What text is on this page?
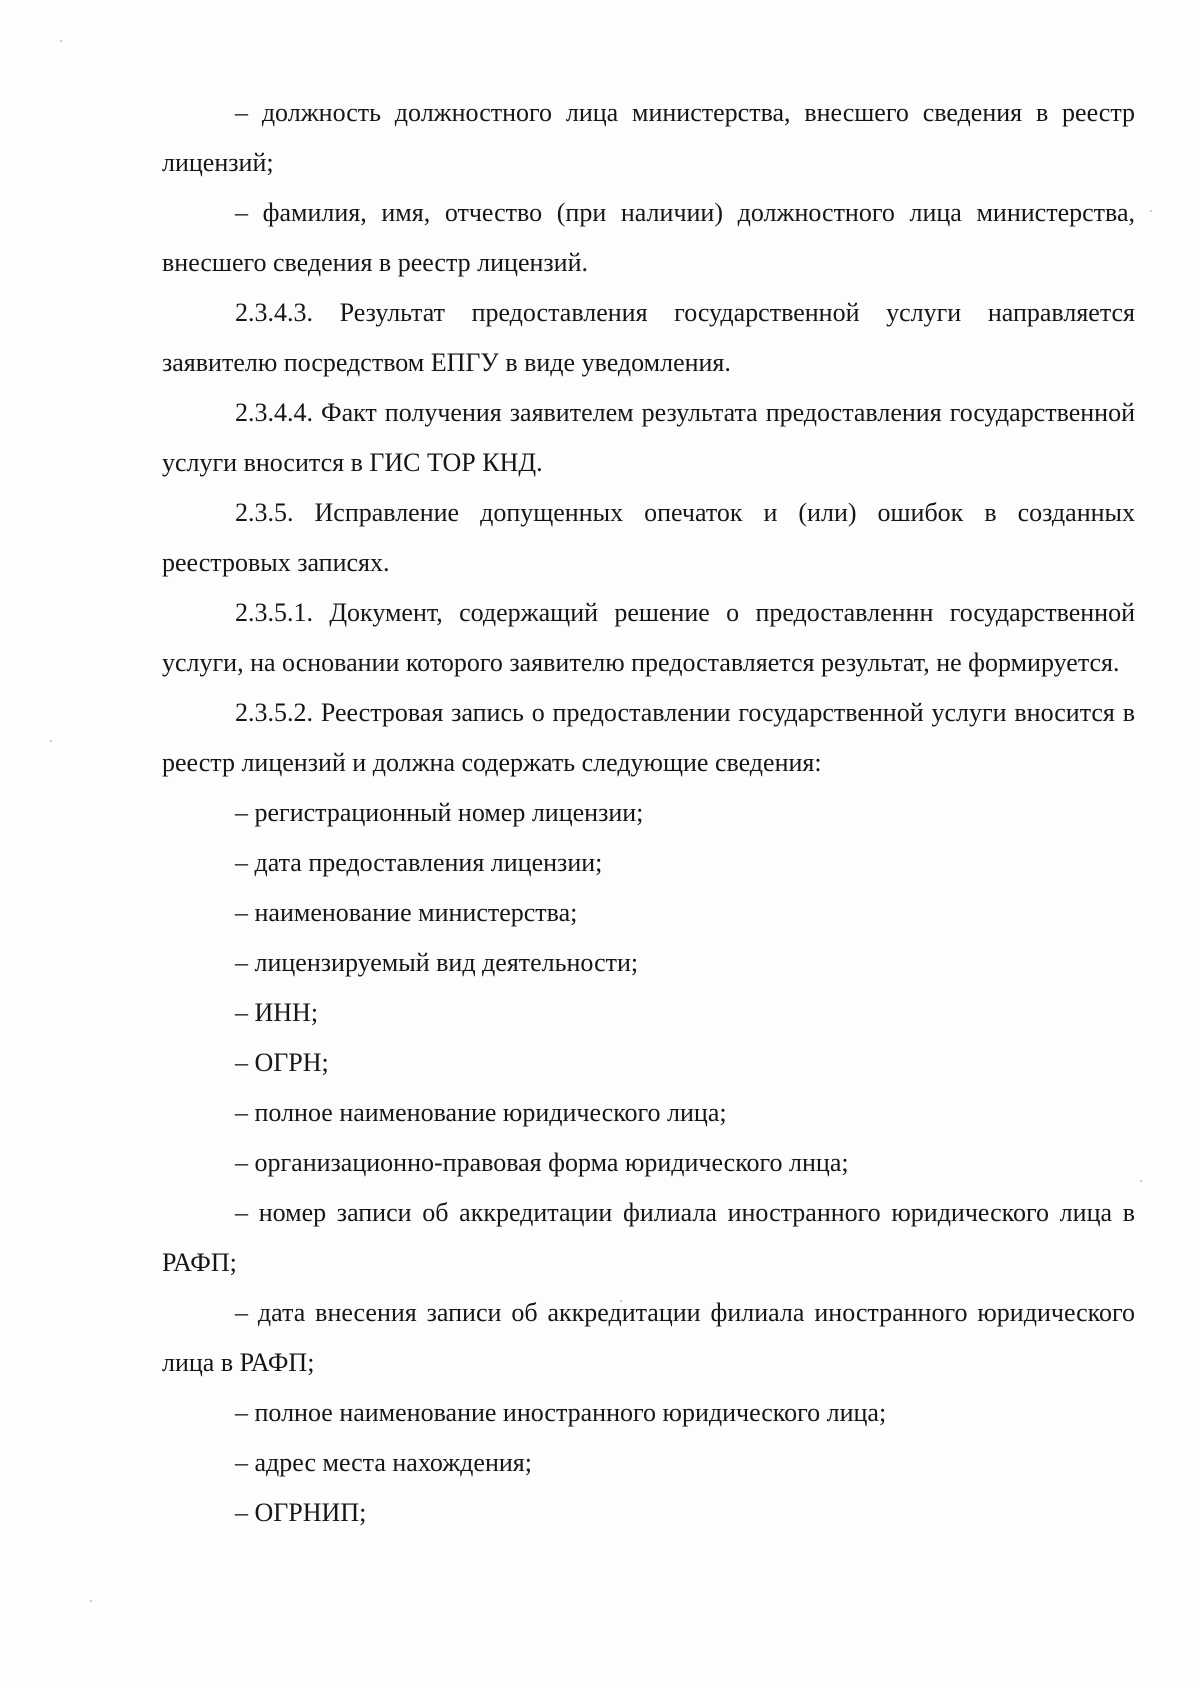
– должность должностного лица министерства, внесшего сведения в реестр лицензий;

– фамилия, имя, отчество (при наличии) должностного лица министерства, внесшего сведения в реестр лицензий.

2.3.4.3. Результат предоставления государственной услуги направляется заявителю посредством ЕПГУ в виде уведомления.

2.3.4.4. Факт получения заявителем результата предоставления государственной услуги вносится в ГИС ТОР КНД.

2.3.5. Исправление допущенных опечаток и (или) ошибок в созданных реестровых записях.

2.3.5.1. Документ, содержащий решение о предоставленнн государственной услуги, на основании которого заявителю предоставляется результат, не формируется.

2.3.5.2. Реестровая запись о предоставлении государственной услуги вносится в реестр лицензий и должна содержать следующие сведения:

– регистрационный номер лицензии;

– дата предоставления лицензии;

– наименование министерства;

– лицензируемый вид деятельности;

– ИНН;

– ОГРН;

– полное наименование юридического лица;

– организационно-правовая форма юридического лнца;

– номер записи об аккредитации филиала иностранного юридического лица в РАФП;

– дата внесения записи об аккредитации филиала иностранного юридического лица в РАФП;

– полное наименование иностранного юридического лица;

– адрес места нахождения;

– ОГРНИП;
